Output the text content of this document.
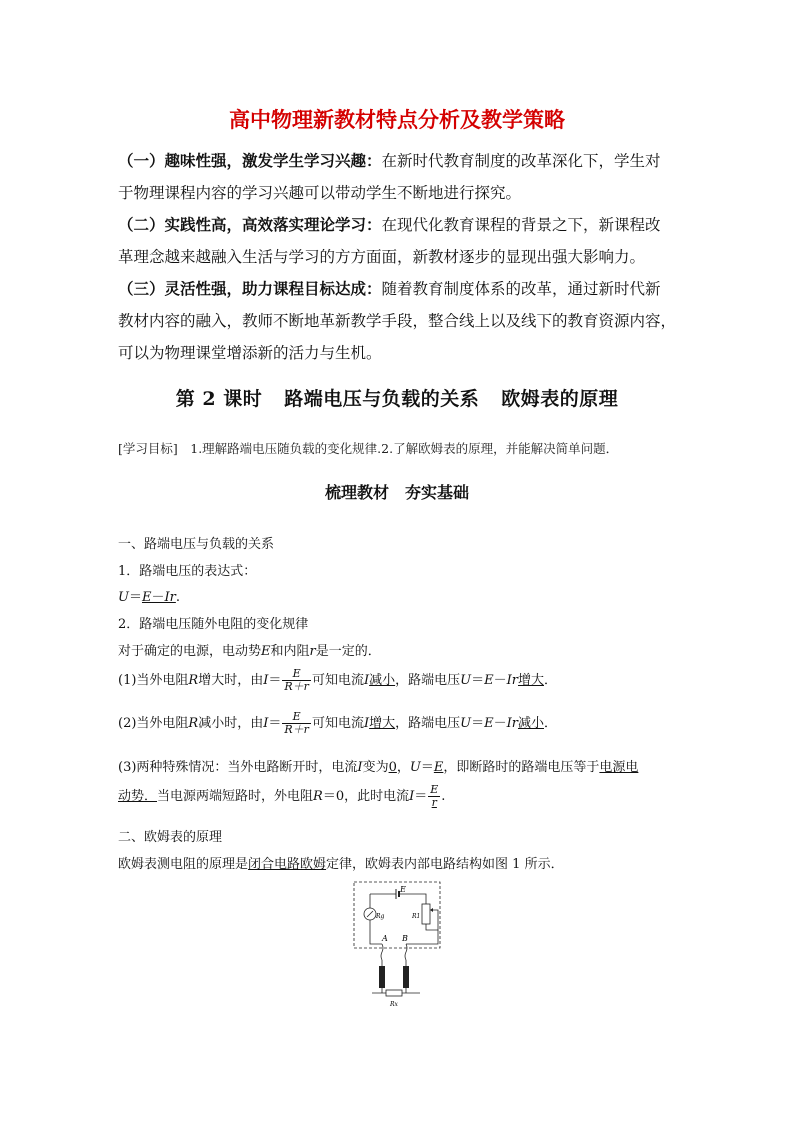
高中物理新教材特点分析及教学策略
（一）趣味性强，激发学生学习兴趣：在新时代教育制度的改革深化下，学生对
于物理课程内容的学习兴趣可以带动学生不断地进行探究。
（二）实践性高，高效落实理论学习：在现代化教育课程的背景之下，新课程改
革理念越来越融入生活与学习的方方面面，新教材逐步的显现出强大影响力。
（三）灵活性强，助力课程目标达成：随着教育制度体系的改革，通过新时代新
教材内容的融入，教师不断地革新教学手段，整合线上以及线下的教育资源内容，
可以为物理课堂增添新的活力与生机。
第 2 课时 路端电压与负载的关系 欧姆表的原理
[学习目标]　1.理解路端电压随负载的变化规律.2.了解欧姆表的原理，并能解决简单问题．
梳理教材 夯实基础
一、路端电压与负载的关系
1．路端电压的表达式：
U＝E－Ir.
2．路端电压随外电阻的变化规律
对于确定的电源，电动势E和内阻r是一定的．
(1)当外电阻R增大时，由$I= \frac{E}{R+r}$ 可知电流I减小，路端电压U＝E－Ir增大．
(2)当外电阻R减小时，由$I= \frac{E}{R+r}$ 可知电流I增大，路端电压U＝E－Ir减小．
(3)两种特殊情况：当外电路断开时，电流I变为0，U＝E，即断路时的路端电压等于电源电
动势．当电源两端短路时，外电阻R＝0，此时电流$I= \frac{E}{r}$ .
二、欧姆表的原理
欧姆表测电阻的原理是闭合电路欧姆定律，欧姆表内部电路结构如图 1 所示．
E
Rg	R1
A B
Rx
